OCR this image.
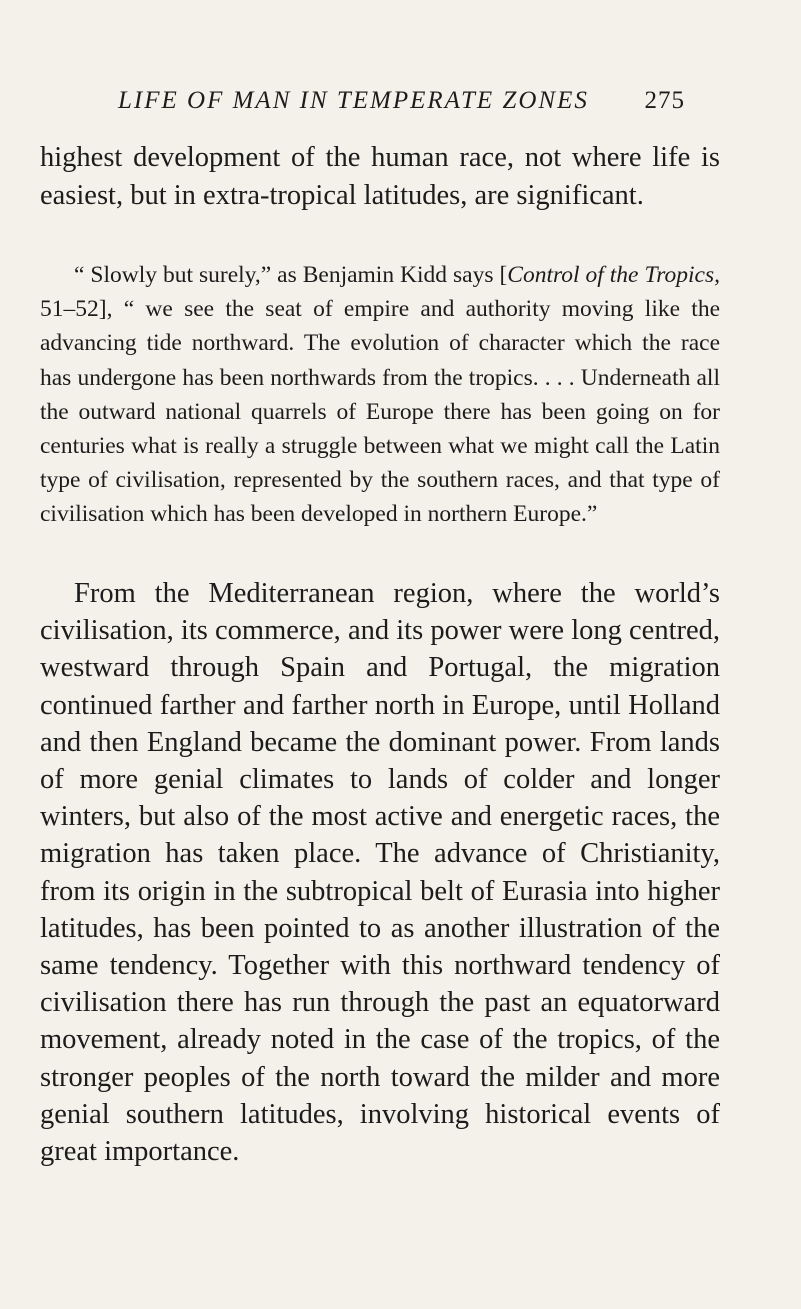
LIFE OF MAN IN TEMPERATE ZONES 275

highest development of the human race, not where life is easiest, but in extra-tropical latitudes, are significant.

“ Slowly but surely,” as Benjamin Kidd says [Control of the Tropics, 51–52], “ we see the seat of empire and authority moving like the advancing tide northward. The evolution of character which the race has undergone has been northwards from the tropics. . . . Underneath all the outward national quarrels of Europe there has been going on for centuries what is really a struggle between what we might call the Latin type of civilisation, represented by the southern races, and that type of civilisation which has been developed in northern Europe.”

From the Mediterranean region, where the world’s civilisation, its commerce, and its power were long centred, westward through Spain and Portugal, the migration continued farther and farther north in Europe, until Holland and then England became the dominant power. From lands of more genial climates to lands of colder and longer winters, but also of the most active and energetic races, the migration has taken place. The advance of Christianity, from its origin in the subtropical belt of Eurasia into higher latitudes, has been pointed to as another illustration of the same tendency. Together with this northward tendency of civilisation there has run through the past an equatorward movement, already noted in the case of the tropics, of the stronger peoples of the north toward the milder and more genial southern latitudes, involving historical events of great importance.
